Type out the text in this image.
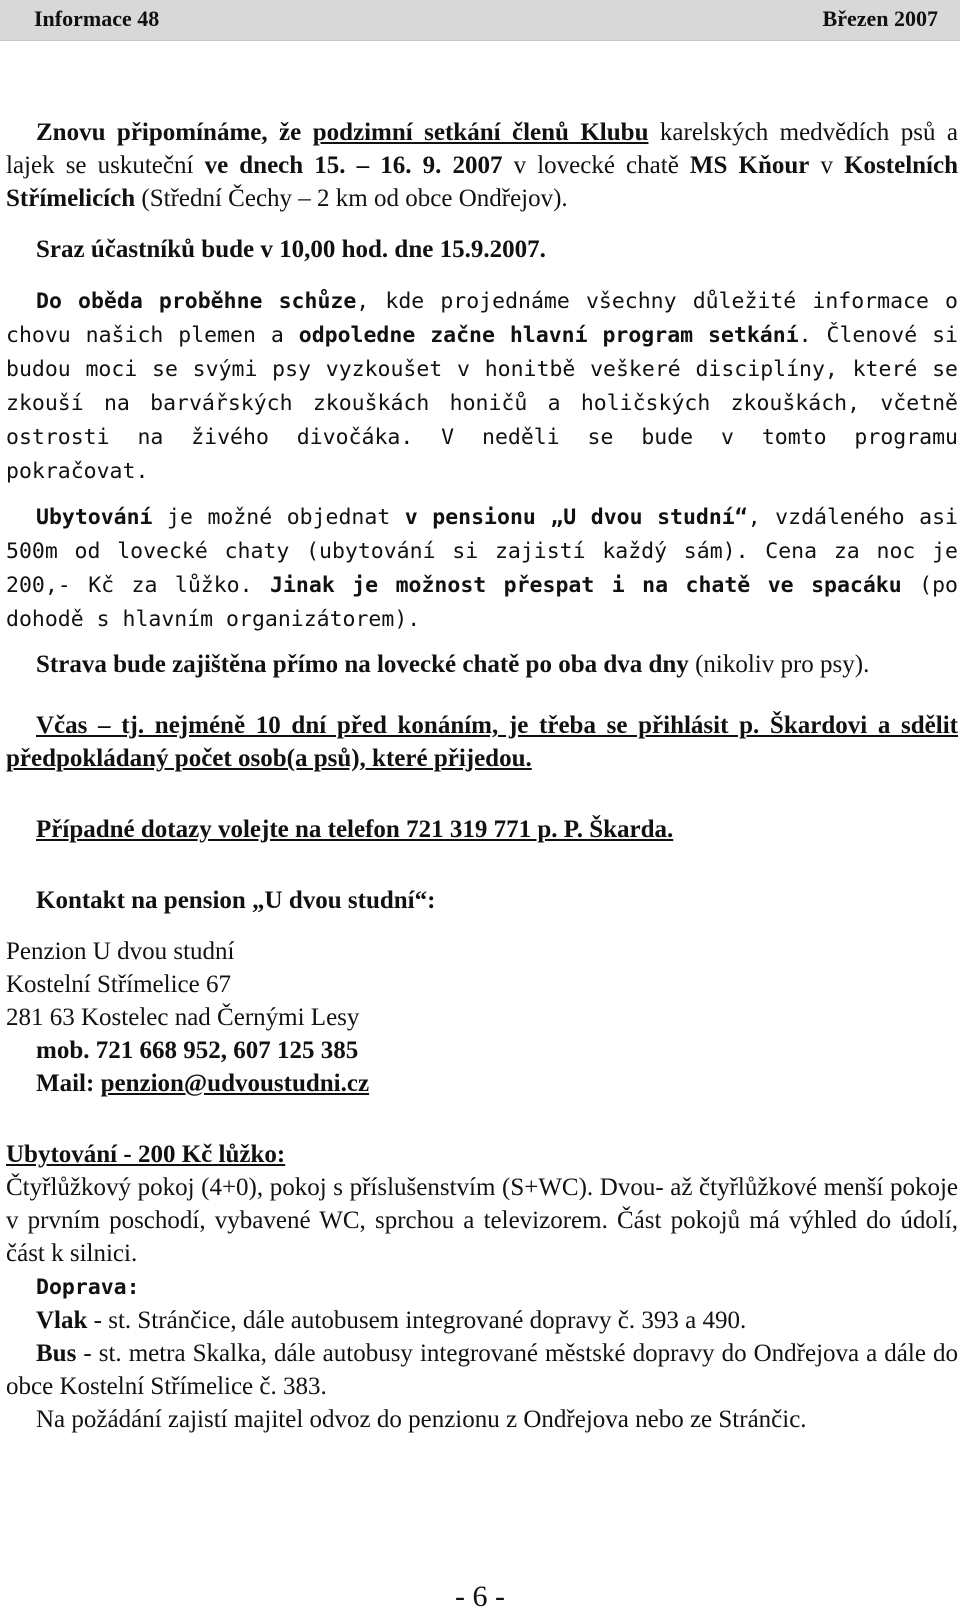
Informace 48	Březen 2007

Znovu připomínáme, že podzimní setkání členů Klubu karelských medvědích psů a lajek se uskuteční ve dnech 15. – 16. 9. 2007 v lovecké chatě MS Kňour v Kostelních Střímelicích (Střední Čechy – 2 km od obce Ondřejov).

Sraz účastníků bude v 10,00 hod. dne 15.9.2007.

Do oběda proběhne schůze, kde projednáme všechny důležité informace o chovu našich plemen a odpoledne začne hlavní program setkání. Členové si budou moci se svými psy vyzkoušet v honitbě veškeré disciplíny, které se zkouší na barvářských zkouškách honičů a holičských zkouškách, včetně ostrosti na živého divočáka. V neděli se bude v tomto programu pokračovat.

Ubytování je možné objednat v pensionu „U dvou studní“, vzdáleného asi 500m od lovecké chaty (ubytování si zajistí každý sám). Cena za noc je 200,- Kč za lůžko. Jinak je možnost přespat i na chatě ve spacáku (po dohodě s hlavním organizátorem).

Strava bude zajištěna přímo na lovecké chatě po oba dva dny (nikoliv pro psy).

Včas – tj. nejméně 10 dní před konáním, je třeba se přihlásit p. Škardovi a sdělit předpokládaný počet osob(a psů), které přijedou.

Případné dotazy volejte na telefon 721 319 771 p. P. Škarda.

Kontakt na pension „U dvou studní“:

Penzion U dvou studní

Kostelní Střímelice 67

281 63 Kostelec nad Černými Lesy

mob. 721 668 952, 607 125 385

Mail: penzion@udvoustudni.cz

Ubytování - 200 Kč lůžko:

Čtyřlůžkový pokoj (4+0), pokoj s příslušenstvím (S+WC). Dvou- až čtyřlůžkové menší pokoje v prvním poschodí, vybavené WC, sprchou a televizorem. Část pokojů má výhled do údolí, část k silnici.

Doprava:

Vlak - st. Stránčice, dále autobusem integrované dopravy č. 393 a 490.

Bus - st. metra Skalka, dále autobusy integrované městské dopravy do Ondřejova a dále do obce Kostelní Střímelice č. 383.

Na požádání zajistí majitel odvoz do penzionu z Ondřejova nebo ze Stránčic.

- 6 -
